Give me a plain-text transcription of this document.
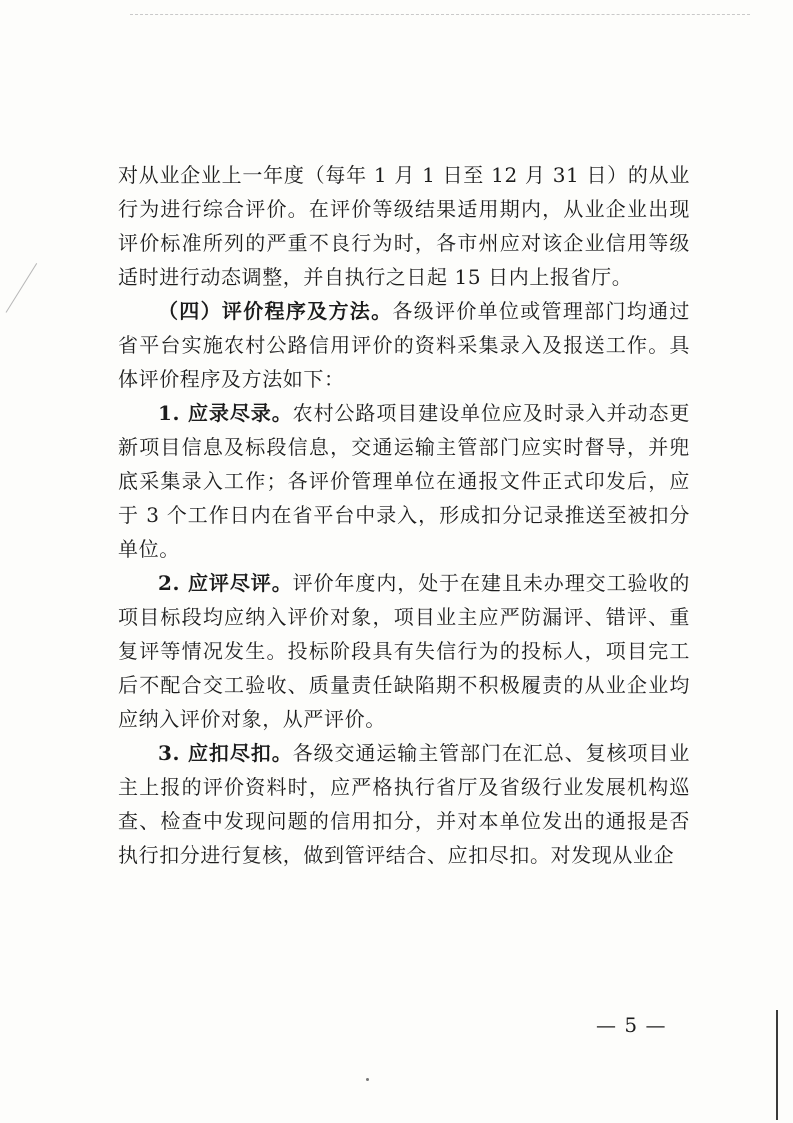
对从业企业上一年度（每年 1 月 1 日至 12 月 31 日）的从业行为进行综合评价。在评价等级结果适用期内，从业企业出现评价标准所列的严重不良行为时，各市州应对该企业信用等级适时进行动态调整，并自执行之日起 15 日内上报省厅。

（四）评价程序及方法。各级评价单位或管理部门均通过省平台实施农村公路信用评价的资料采集录入及报送工作。具体评价程序及方法如下：

1. 应录尽录。农村公路项目建设单位应及时录入并动态更新项目信息及标段信息，交通运输主管部门应实时督导，并兜底采集录入工作；各评价管理单位在通报文件正式印发后，应于 3 个工作日内在省平台中录入，形成扣分记录推送至被扣分单位。

2. 应评尽评。评价年度内，处于在建且未办理交工验收的项目标段均应纳入评价对象，项目业主应严防漏评、错评、重复评等情况发生。投标阶段具有失信行为的投标人，项目完工后不配合交工验收、质量责任缺陷期不积极履责的从业企业均应纳入评价对象，从严评价。

3. 应扣尽扣。各级交通运输主管部门在汇总、复核项目业主上报的评价资料时，应严格执行省厅及省级行业发展机构巡查、检查中发现问题的信用扣分，并对本单位发出的通报是否执行扣分进行复核，做到管评结合、应扣尽扣。对发现从业企

— 5 —
